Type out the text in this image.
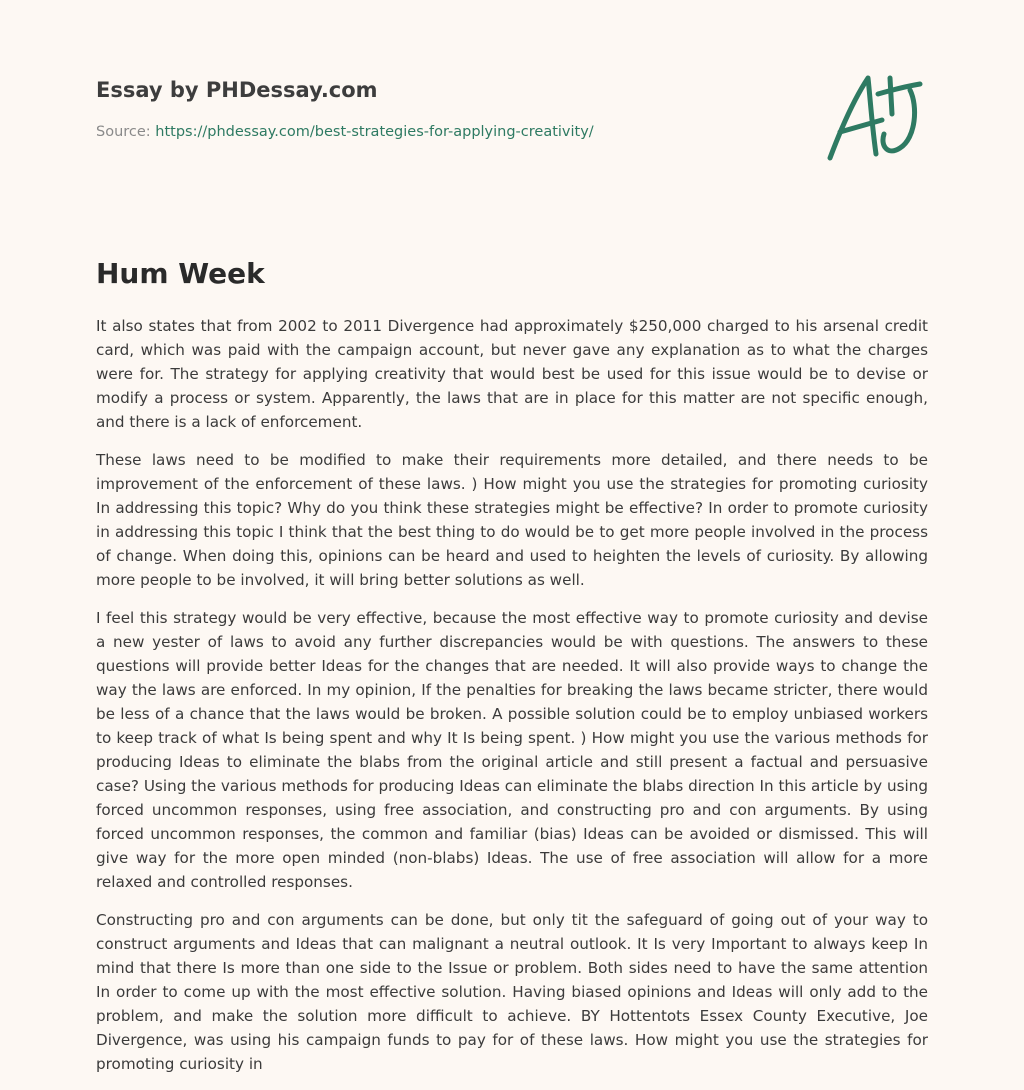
Essay by PHDessay.com
Source: https://phdessay.com/best-strategies-for-applying-creativity/
Hum Week

It also states that from 2002 to 2011 Divergence had approximately $250,000 charged to his arsenal credit card, which was paid with the campaign account, but never gave any explanation as to what the charges were for. The strategy for applying creativity that would best be used for this issue would be to devise or modify a process or system. Apparently, the laws that are in place for this matter are not specific enough, and there is a lack of enforcement.

These laws need to be modified to make their requirements more detailed, and there needs to be improvement of the enforcement of these laws. ) How might you use the strategies for promoting curiosity In addressing this topic? Why do you think these strategies might be effective? In order to promote curiosity in addressing this topic I think that the best thing to do would be to get more people involved in the process of change. When doing this, opinions can be heard and used to heighten the levels of curiosity. By allowing more people to be involved, it will bring better solutions as well.

I feel this strategy would be very effective, because the most effective way to promote curiosity and devise a new yester of laws to avoid any further discrepancies would be with questions. The answers to these questions will provide better Ideas for the changes that are needed. It will also provide ways to change the way the laws are enforced. In my opinion, If the penalties for breaking the laws became stricter, there would be less of a chance that the laws would be broken. A possible solution could be to employ unbiased workers to keep track of what Is being spent and why It Is being spent. ) How might you use the various methods for producing Ideas to eliminate the blabs from the original article and still present a factual and persuasive case? Using the various methods for producing Ideas can eliminate the blabs direction In this article by using forced uncommon responses, using free association, and constructing pro and con arguments. By using forced uncommon responses, the common and familiar (bias) Ideas can be avoided or dismissed. This will give way for the more open minded (non-blabs) Ideas. The use of free association will allow for a more relaxed and controlled responses.

Constructing pro and con arguments can be done, but only tit the safeguard of going out of your way to construct arguments and Ideas that can malignant a neutral outlook. It Is very Important to always keep In mind that there Is more than one side to the Issue or problem. Both sides need to have the same attention In order to come up with the most effective solution. Having biased opinions and Ideas will only add to the problem, and make the solution more difficult to achieve. BY Hottentots Essex County Executive, Joe Divergence, was using his campaign funds to pay for of these laws. How might you use the strategies for promoting curiosity in
